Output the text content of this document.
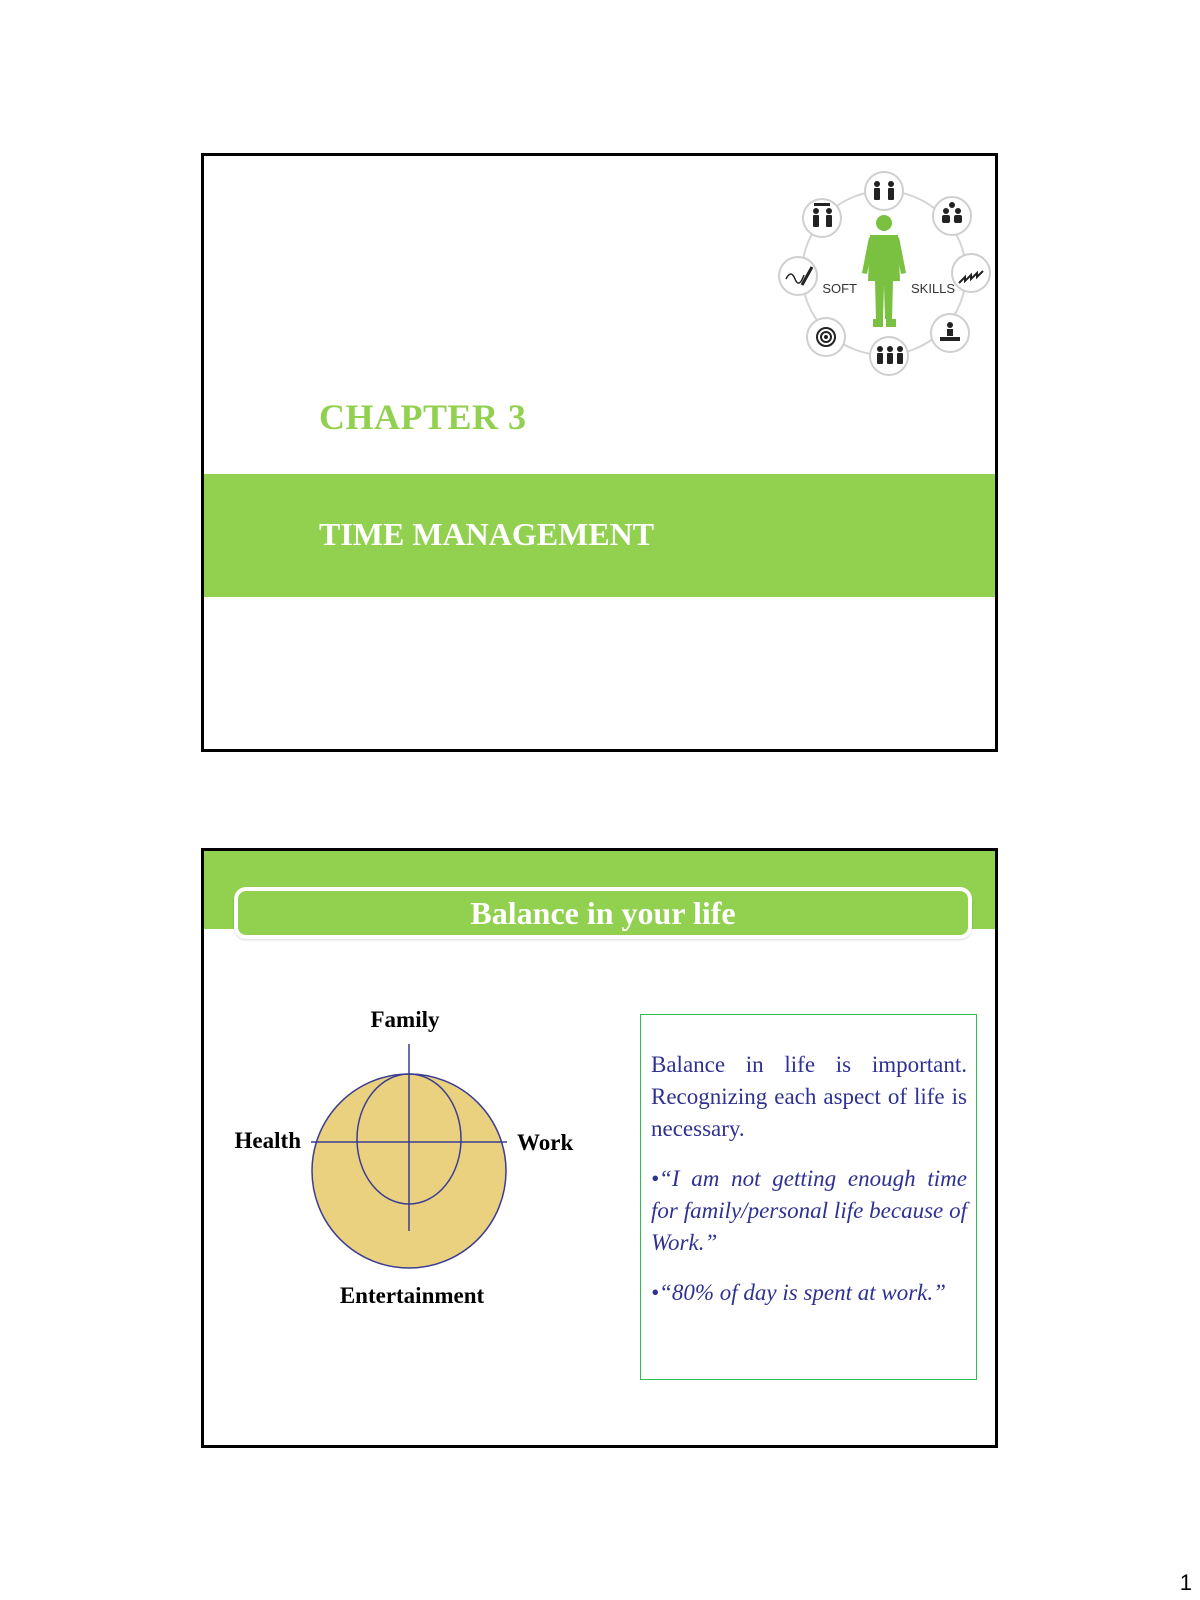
SOFT	SKILLS
CHAPTER 3
TIME MANAGEMENT
Balance in your life
Family
Health	Work
Entertainment

Balance in life is important. Recognizing each aspect of life is necessary.

•“I am not getting enough time for family/personal life because of Work.”

•“80% of day is spent at work.”

1
